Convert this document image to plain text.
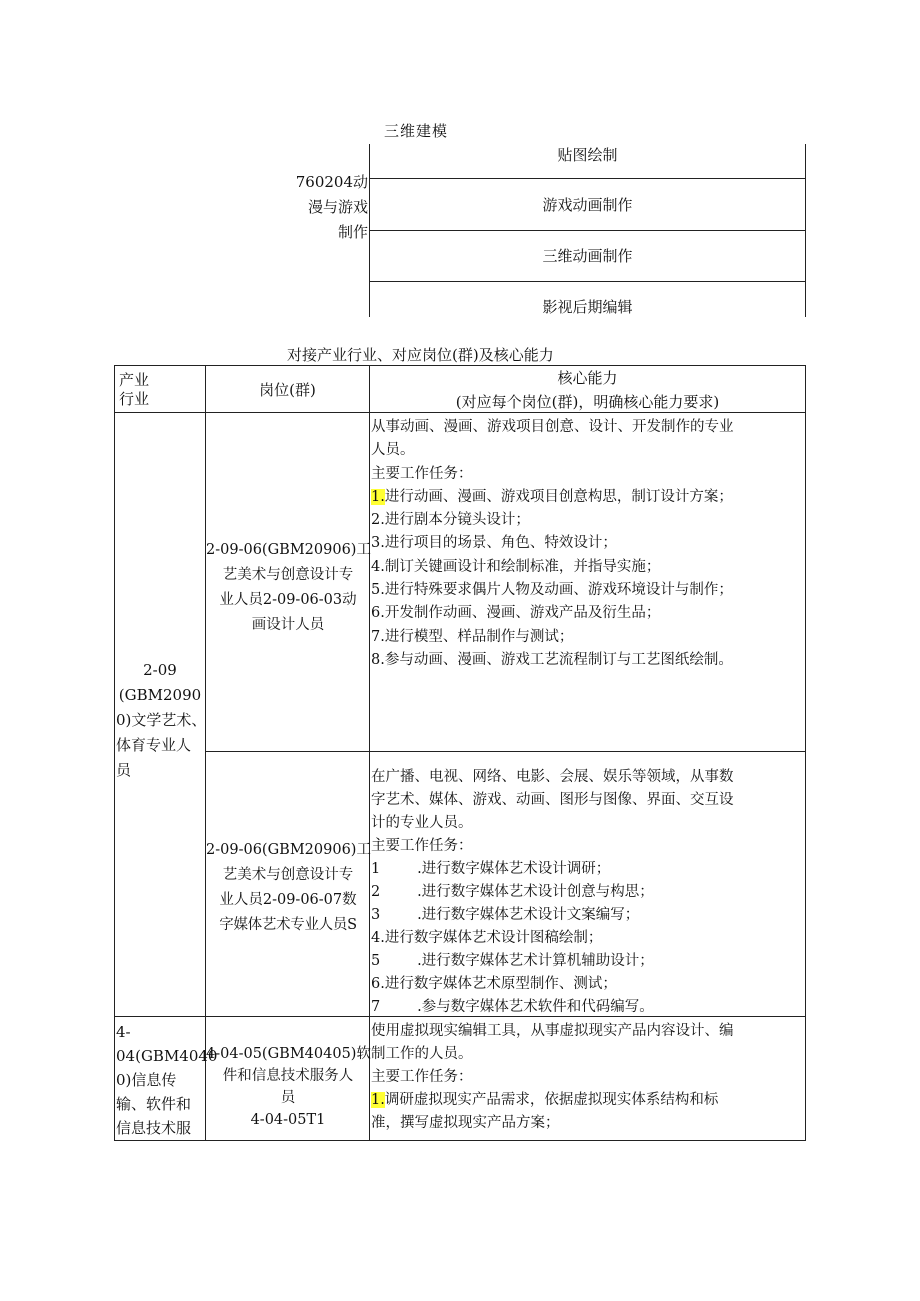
三维建模
760204动
漫与游戏
制作
贴图绘制
游戏动画制作
三维动画制作
影视后期编辑
对接产业行业、对应岗位(群)及核心能力
产业
行业	岗位(群)
核心能力
(对应每个岗位(群)，明确核心能力要求)
2-09
(GBM2090
0)文学艺术、
体育专业人
员
2-09-06(GBM20906)工
艺美术与创意设计专
业人员2-09-06-03动
画设计人员
从事动画、漫画、游戏项目创意、设计、开发制作的专业
人员。
主要工作任务：
1.进行动画、漫画、游戏项目创意构思，制订设计方案；
2.进行剧本分镜头设计；
3.进行项目的场景、角色、特效设计；
4.制订关键画设计和绘制标准，并指导实施；
5.进行特殊要求偶片人物及动画、游戏环境设计与制作；
6.开发制作动画、漫画、游戏产品及衍生品；
7.进行模型、样品制作与测试；
8.参与动画、漫画、游戏工艺流程制订与工艺图纸绘制。
2-09-06(GBM20906)工
艺美术与创意设计专
业人员2-09-06-07数
字媒体艺术专业人员S
在广播、电视、网络、电影、会展、娱乐等领域，从事数
字艺术、媒体、游戏、动画、图形与图像、界面、交互设
计的专业人员。
主要工作任务：
1        .进行数字媒体艺术设计调研；
2        .进行数字媒体艺术设计创意与构思；
3        .进行数字媒体艺术设计文案编写；
4.进行数字媒体艺术设计图稿绘制；
5        .进行数字媒体艺术计算机辅助设计；
6.进行数字媒体艺术原型制作、测试；
7        .参与数字媒体艺术软件和代码编写。
4-
04(GBM4040
0)信息传
输、软件和
信息技术服
4-04-05(GBM40405)软
件和信息技术服务人
员
4-04-05T1
使用虚拟现实编辑工具，从事虚拟现实产品内容设计、编
制工作的人员。
主要工作任务：
1.调研虚拟现实产品需求，依据虚拟现实体系结构和标
准，撰写虚拟现实产品方案；
